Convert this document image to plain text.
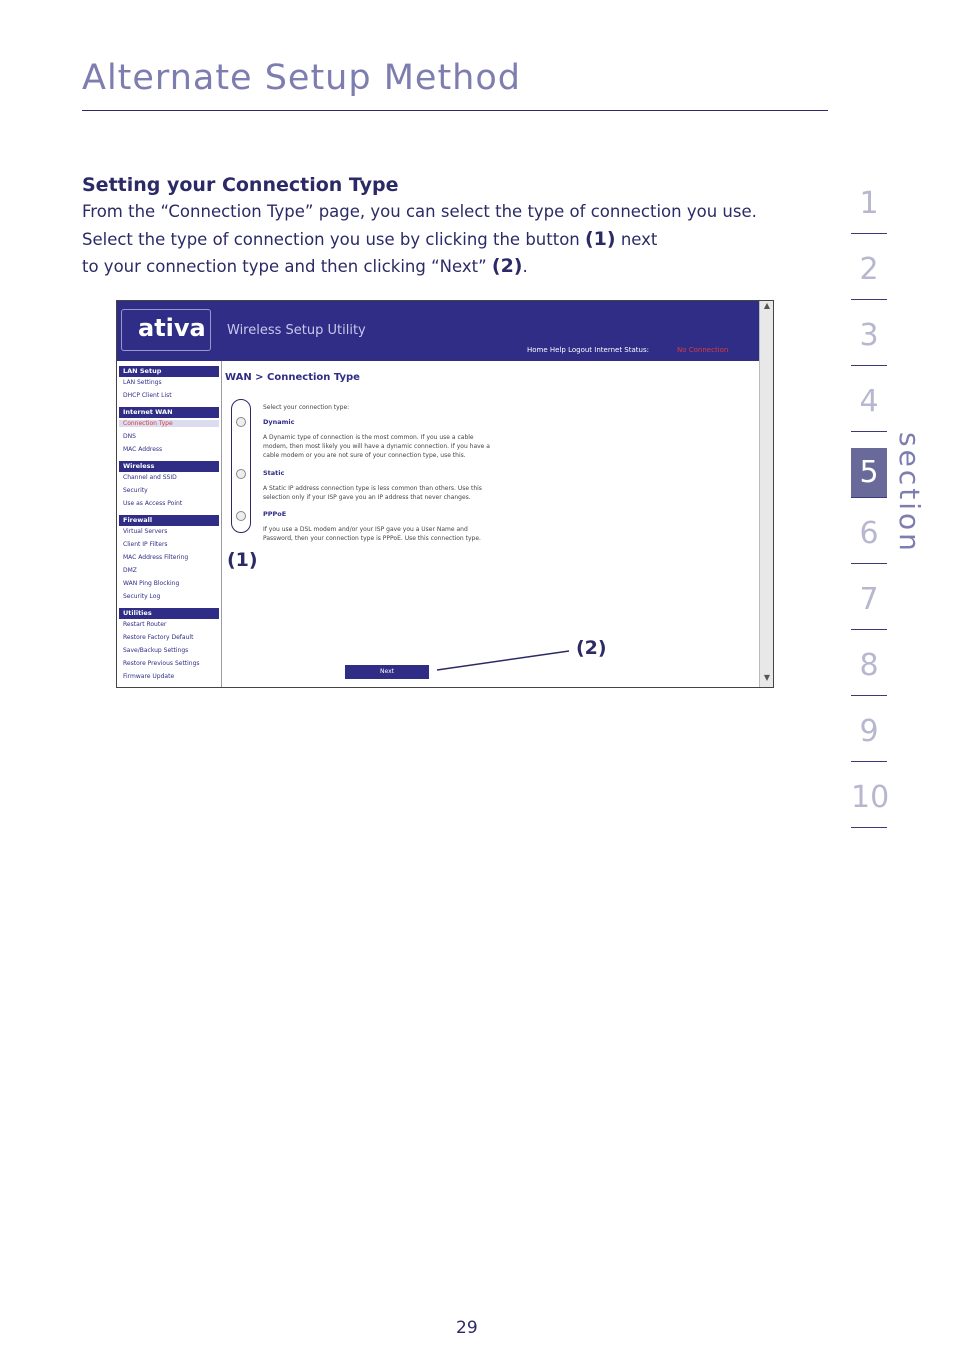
Alternate Setup Method
Setting your Connection Type
From the “Connection Type” page, you can select the type of connection you use.
Select the type of connection you use by clicking the button (1) next
to your connection type and then clicking “Next” (2).
1
2
3
4
5
6
7
8
9
10
section
ativa Wireless Setup Utility
Home Help Logout Internet Status:	No Connection
▲
▼
LAN Setup
LAN Settings
DHCP Client List
Internet WAN
Connection Type
DNS
MAC Address
Wireless
Channel and SSID
Security
Use as Access Point
Firewall
Virtual Servers
Client IP Filters
MAC Address Filtering
DMZ
WAN Ping Blocking
Security Log
Utilities
Restart Router
Restore Factory Default
Save/Backup Settings
Restore Previous Settings
Firmware Update
WAN > Connection Type
Select your connection type:
Dynamic
A Dynamic type of connection is the most common. If you use a cable
modem, then most likely you will have a dynamic connection. If you have a
cable modem or you are not sure of your connection type, use this.
Static
A Static IP address connection type is less common than others. Use this
selection only if your ISP gave you an IP address that never changes.
PPPoE
If you use a DSL modem and/or your ISP gave you a User Name and
Password, then your connection type is PPPoE. Use this connection type.
Next
(1)
(2)
29
